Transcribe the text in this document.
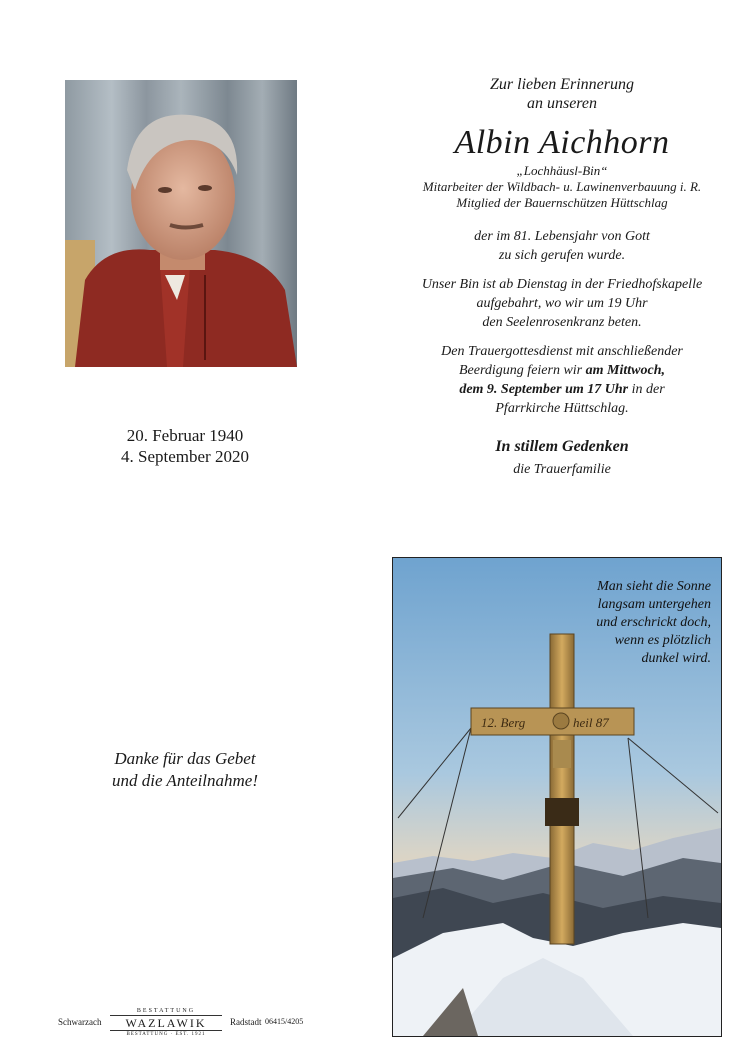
20. Februar 1940
4. September 2020
Zur lieben Erinnerung
an unseren
Albin Aichhorn
„Lochhäusl-Bin“
Mitarbeiter der Wildbach- u. Lawinenverbauung i. R.
Mitglied der Bauernschützen Hüttschlag
der im 81. Lebensjahr von Gott
zu sich gerufen wurde.
Unser Bin ist ab Dienstag in der Friedhofskapelle
aufgebahrt, wo wir um 19 Uhr
den Seelenrosenkranz beten.
Den Trauergottesdienst mit anschließender
Beerdigung feiern wir am Mittwoch,
dem 9. September um 17 Uhr in der
Pfarrkirche Hüttschlag.
In stillem Gedenken
die Trauerfamilie
Danke für das Gebet
und die Anteilnahme!
12. Berg	heil 87
Man sieht die Sonne
langsam untergehen
und erschrickt doch,
wenn es plötzlich
dunkel wird.
Schwarzach
BESTATTUNG
WAZLAWIK
BESTATTUNG · EST. 1921
Radstadt 06415/4205
